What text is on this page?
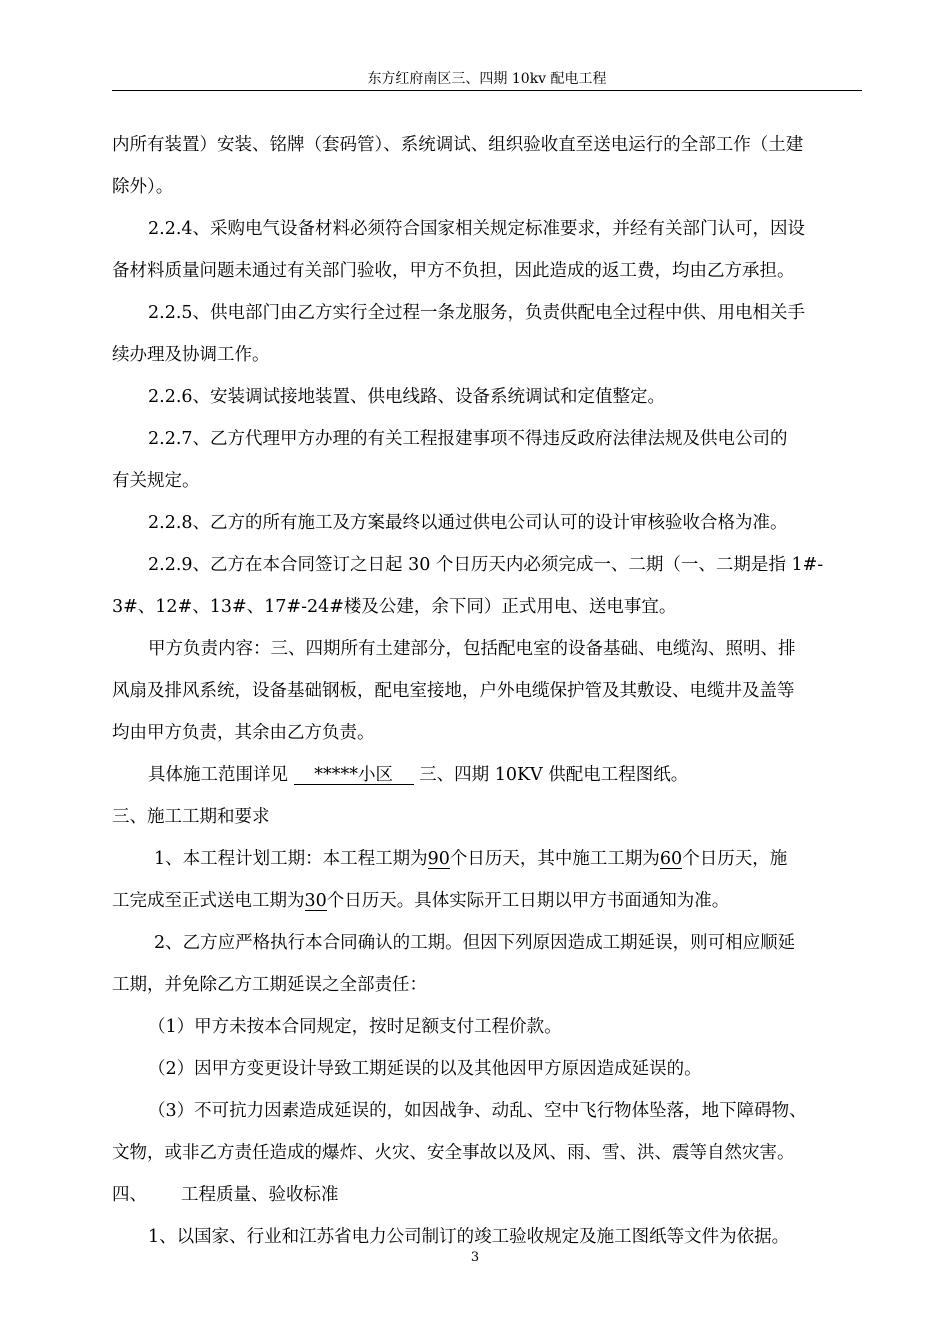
东方红府南区三、四期 10kv 配电工程
内所有装置）安装、铭牌（套码管）、系统调试、组织验收直至送电运行的全部工作（土建
除外）。
2.2.4、采购电气设备材料必须符合国家相关规定标准要求，并经有关部门认可，因设
备材料质量问题未通过有关部门验收，甲方不负担，因此造成的返工费，均由乙方承担。
2.2.5、供电部门由乙方实行全过程一条龙服务，负责供配电全过程中供、用电相关手
续办理及协调工作。
2.2.6、安装调试接地装置、供电线路、设备系统调试和定值整定。
2.2.7、乙方代理甲方办理的有关工程报建事项不得违反政府法律法规及供电公司的
有关规定。
2.2.8、乙方的所有施工及方案最终以通过供电公司认可的设计审核验收合格为准。
2.2.9、乙方在本合同签订之日起 30 个日历天内必须完成一、二期（一、二期是指 1#-
3#、12#、13#、17#-24#楼及公建，余下同）正式用电、送电事宜。
甲方负责内容：三、四期所有土建部分，包括配电室的设备基础、电缆沟、照明、排
风扇及排风系统，设备基础钢板，配电室接地，户外电缆保护管及其敷设、电缆井及盖等
均由甲方负责，其余由乙方负责。
具体施工范围详见 *****小区 三、四期 10KV 供配电工程图纸。
三、施工工期和要求
1、本工程计划工期：本工程工期为90个日历天，其中施工工期为60个日历天，施
工完成至正式送电工期为30个日历天。具体实际开工日期以甲方书面通知为准。
2、乙方应严格执行本合同确认的工期。但因下列原因造成工期延误，则可相应顺延
工期，并免除乙方工期延误之全部责任：
（1）甲方未按本合同规定，按时足额支付工程价款。
（2）因甲方变更设计导致工期延误的以及其他因甲方原因造成延误的。
（3）不可抗力因素造成延误的，如因战争、动乱、空中飞行物体坠落，地下障碍物、
文物，或非乙方责任造成的爆炸、火灾、安全事故以及风、雨、雪、洪、震等自然灾害。
四、 工程质量、验收标准
1、以国家、行业和江苏省电力公司制订的竣工验收规定及施工图纸等文件为依据。
3
